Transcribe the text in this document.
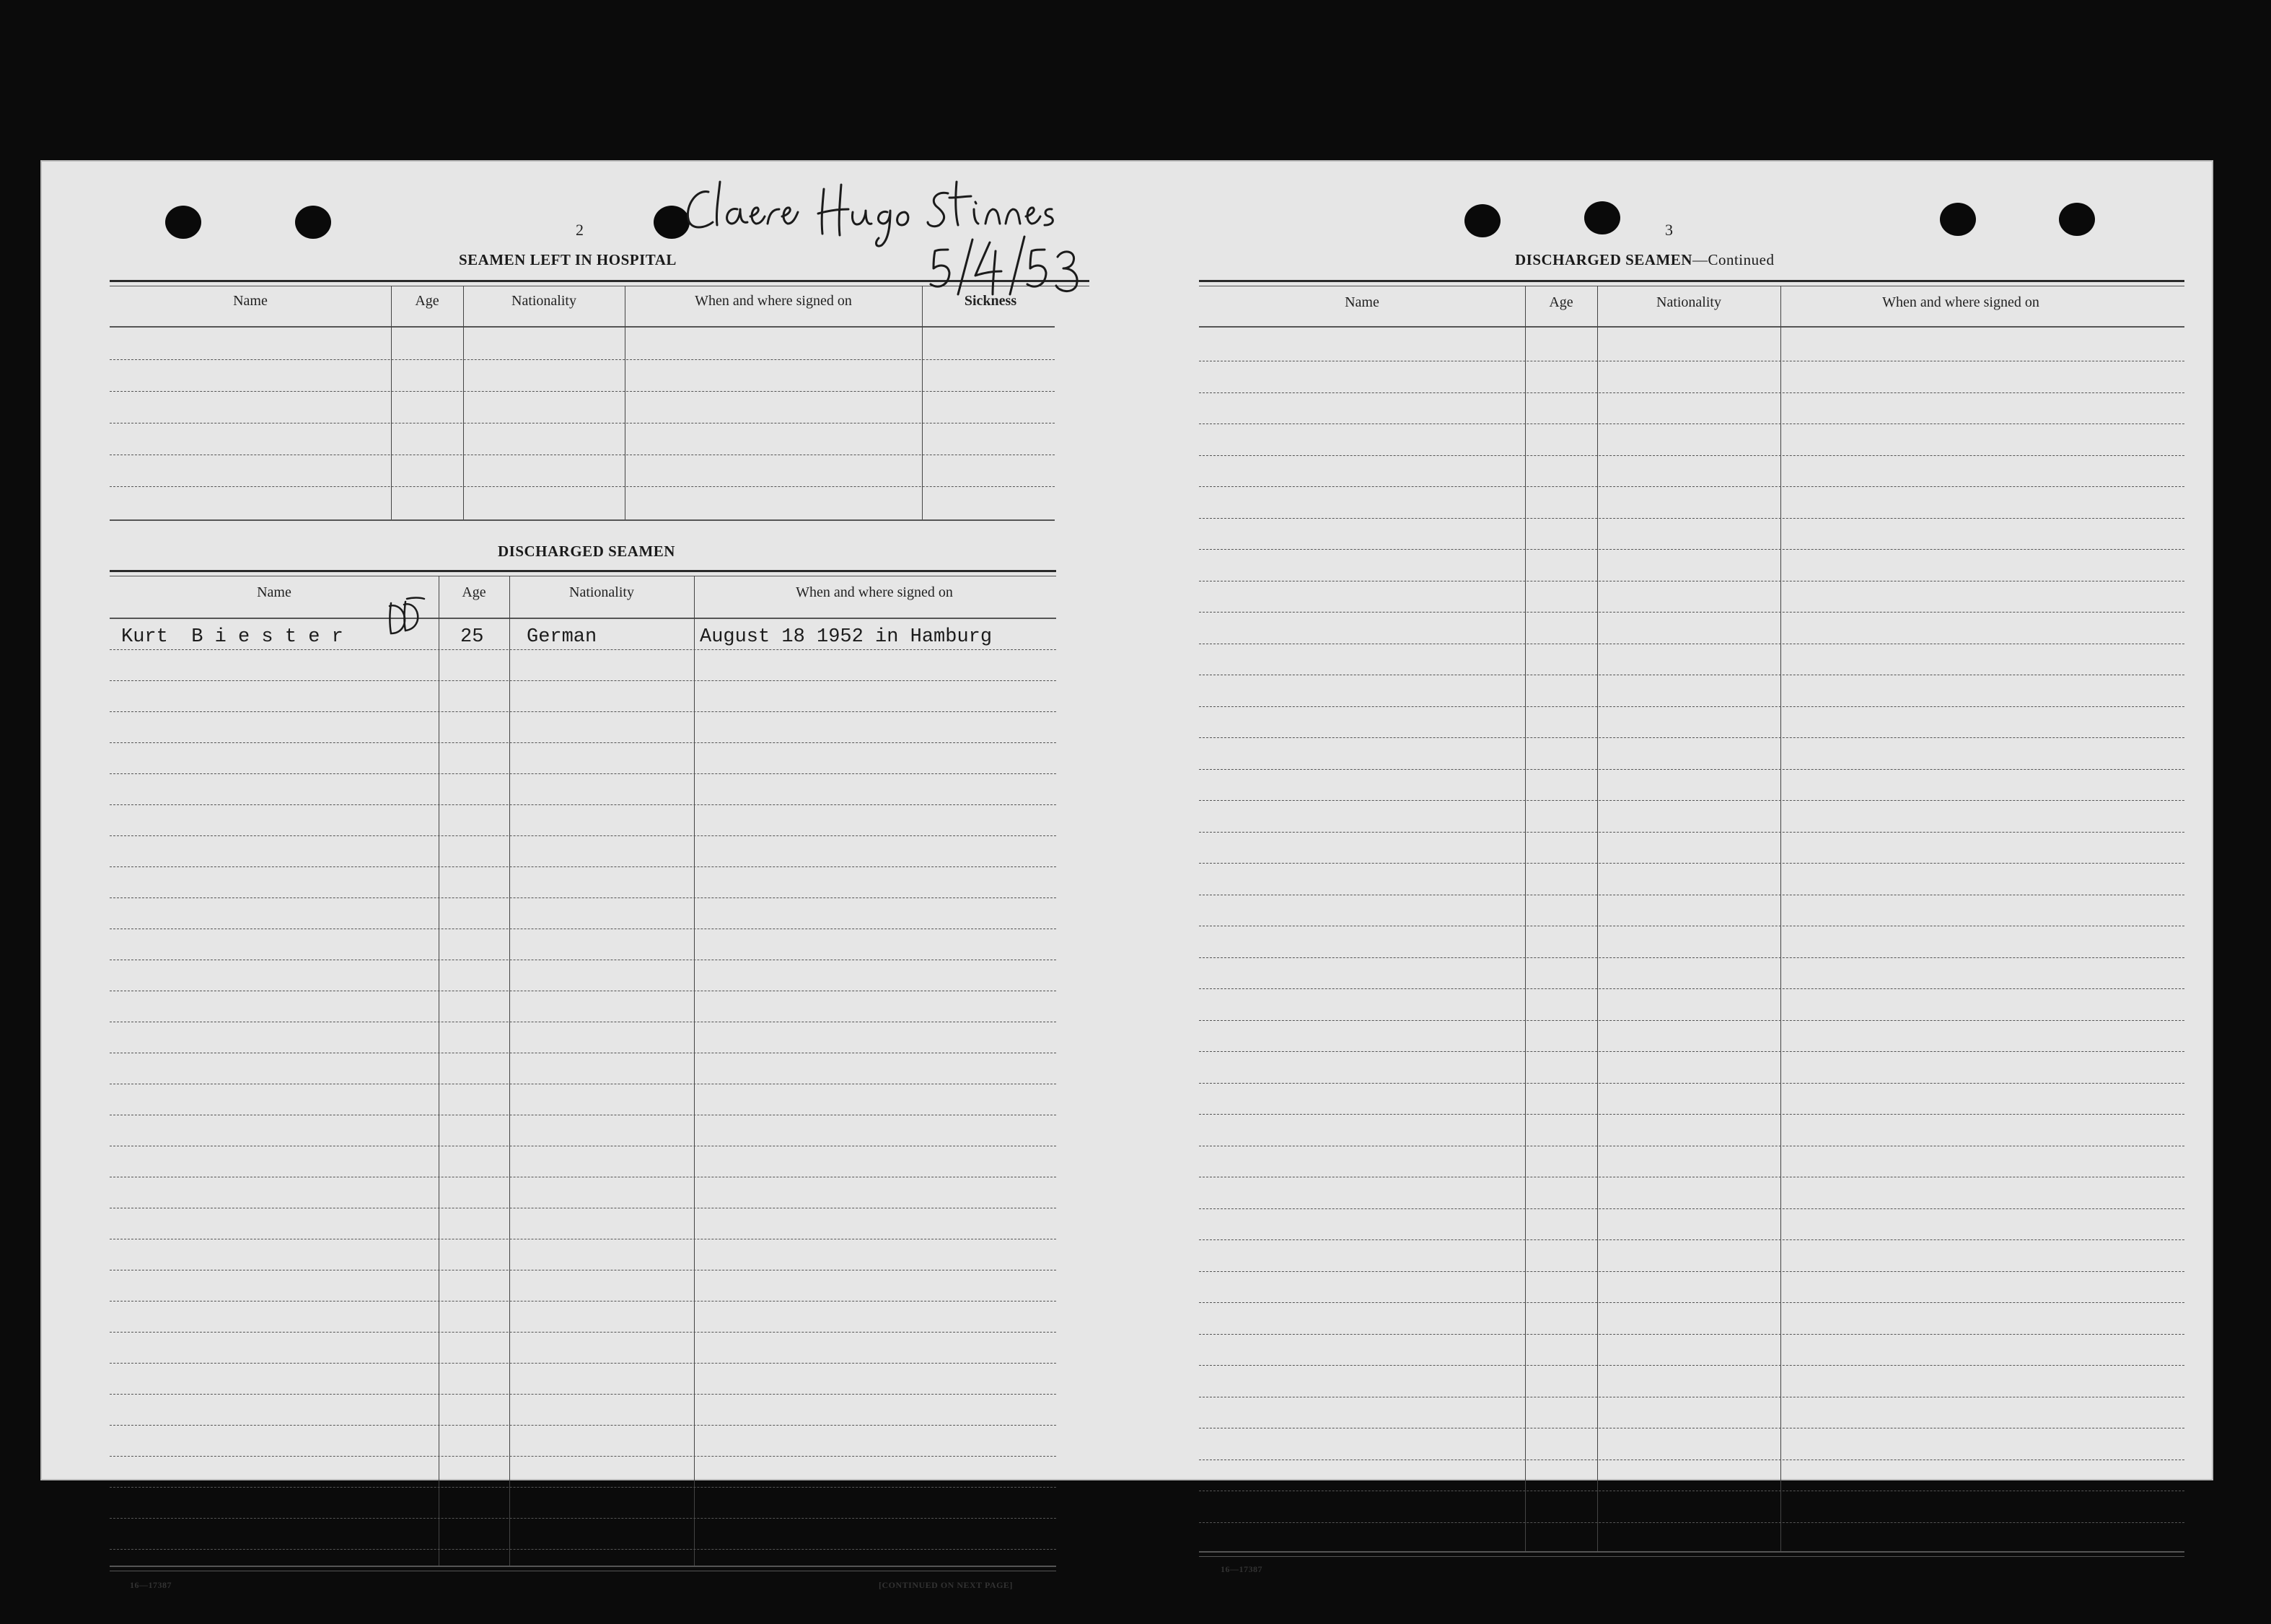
2
SEAMEN LEFT IN HOSPITAL
Name	Age	Nationality	When and where signed on	Sickness
DISCHARGED SEAMEN
Name	Age	Nationality	When and where signed on
Kurt  B i e s t e r	25 German	August 18 1952 in Hamburg
16—17387	[CONTINUED ON NEXT PAGE]
3
DISCHARGED SEAMEN—Continued
Name	Age	Nationality	When and where signed on
16—17387
